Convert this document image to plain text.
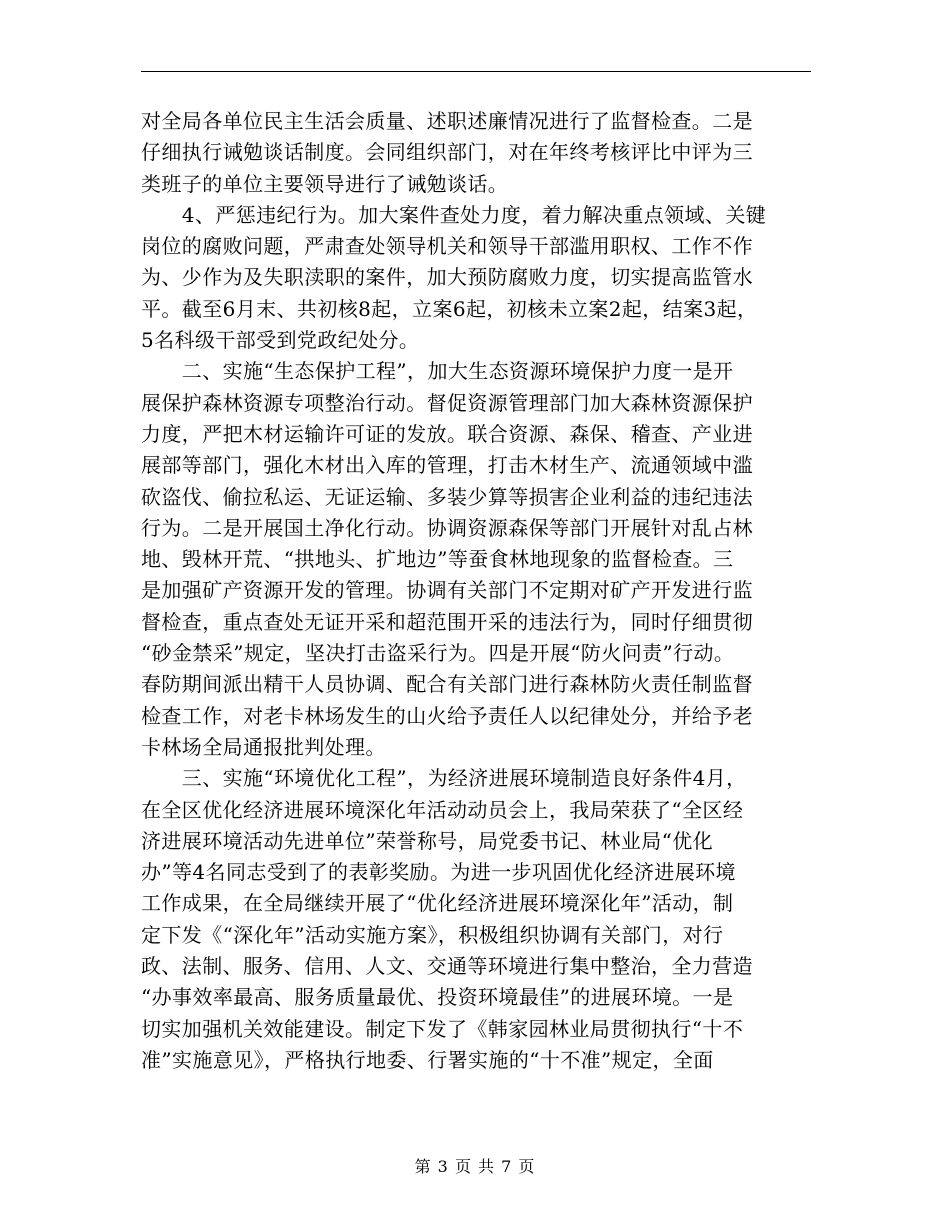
对全局各单位民主生活会质量、述职述廉情况进行了监督检查。二是
仔细执行诫勉谈话制度。会同组织部门，对在年终考核评比中评为三
类班子的单位主要领导进行了诫勉谈话。
　　4、严惩违纪行为。加大案件查处力度，着力解决重点领域、关键
岗位的腐败问题，严肃查处领导机关和领导干部滥用职权、工作不作
为、少作为及失职渎职的案件，加大预防腐败力度，切实提高监管水
平。截至6月末、共初核8起，立案6起，初核未立案2起，结案3起，
5名科级干部受到党政纪处分。
　　二、实施“生态保护工程”，加大生态资源环境保护力度一是开
展保护森林资源专项整治行动。督促资源管理部门加大森林资源保护
力度，严把木材运输许可证的发放。联合资源、森保、稽查、产业进
展部等部门，强化木材出入库的管理，打击木材生产、流通领域中滥
砍盗伐、偷拉私运、无证运输、多装少算等损害企业利益的违纪违法
行为。二是开展国土净化行动。协调资源森保等部门开展针对乱占林
地、毁林开荒、“拱地头、扩地边”等蚕食林地现象的监督检查。三
是加强矿产资源开发的管理。协调有关部门不定期对矿产开发进行监
督检查，重点查处无证开采和超范围开采的违法行为，同时仔细贯彻
“砂金禁采”规定，坚决打击盗采行为。四是开展“防火问责”行动。
春防期间派出精干人员协调、配合有关部门进行森林防火责任制监督
检查工作，对老卡林场发生的山火给予责任人以纪律处分，并给予老
卡林场全局通报批判处理。
　　三、实施“环境优化工程”，为经济进展环境制造良好条件4月，
在全区优化经济进展环境深化年活动动员会上，我局荣获了“全区经
济进展环境活动先进单位”荣誉称号，局党委书记、林业局“优化
办”等4名同志受到了的表彰奖励。为进一步巩固优化经济进展环境
工作成果，在全局继续开展了“优化经济进展环境深化年”活动，制
定下发《“深化年”活动实施方案》，积极组织协调有关部门，对行
政、法制、服务、信用、人文、交通等环境进行集中整治，全力营造
“办事效率最高、服务质量最优、投资环境最佳”的进展环境。一是
切实加强机关效能建设。制定下发了《韩家园林业局贯彻执行“十不
准”实施意见》，严格执行地委、行署实施的“十不准”规定，全面
第 3 页 共 7 页
